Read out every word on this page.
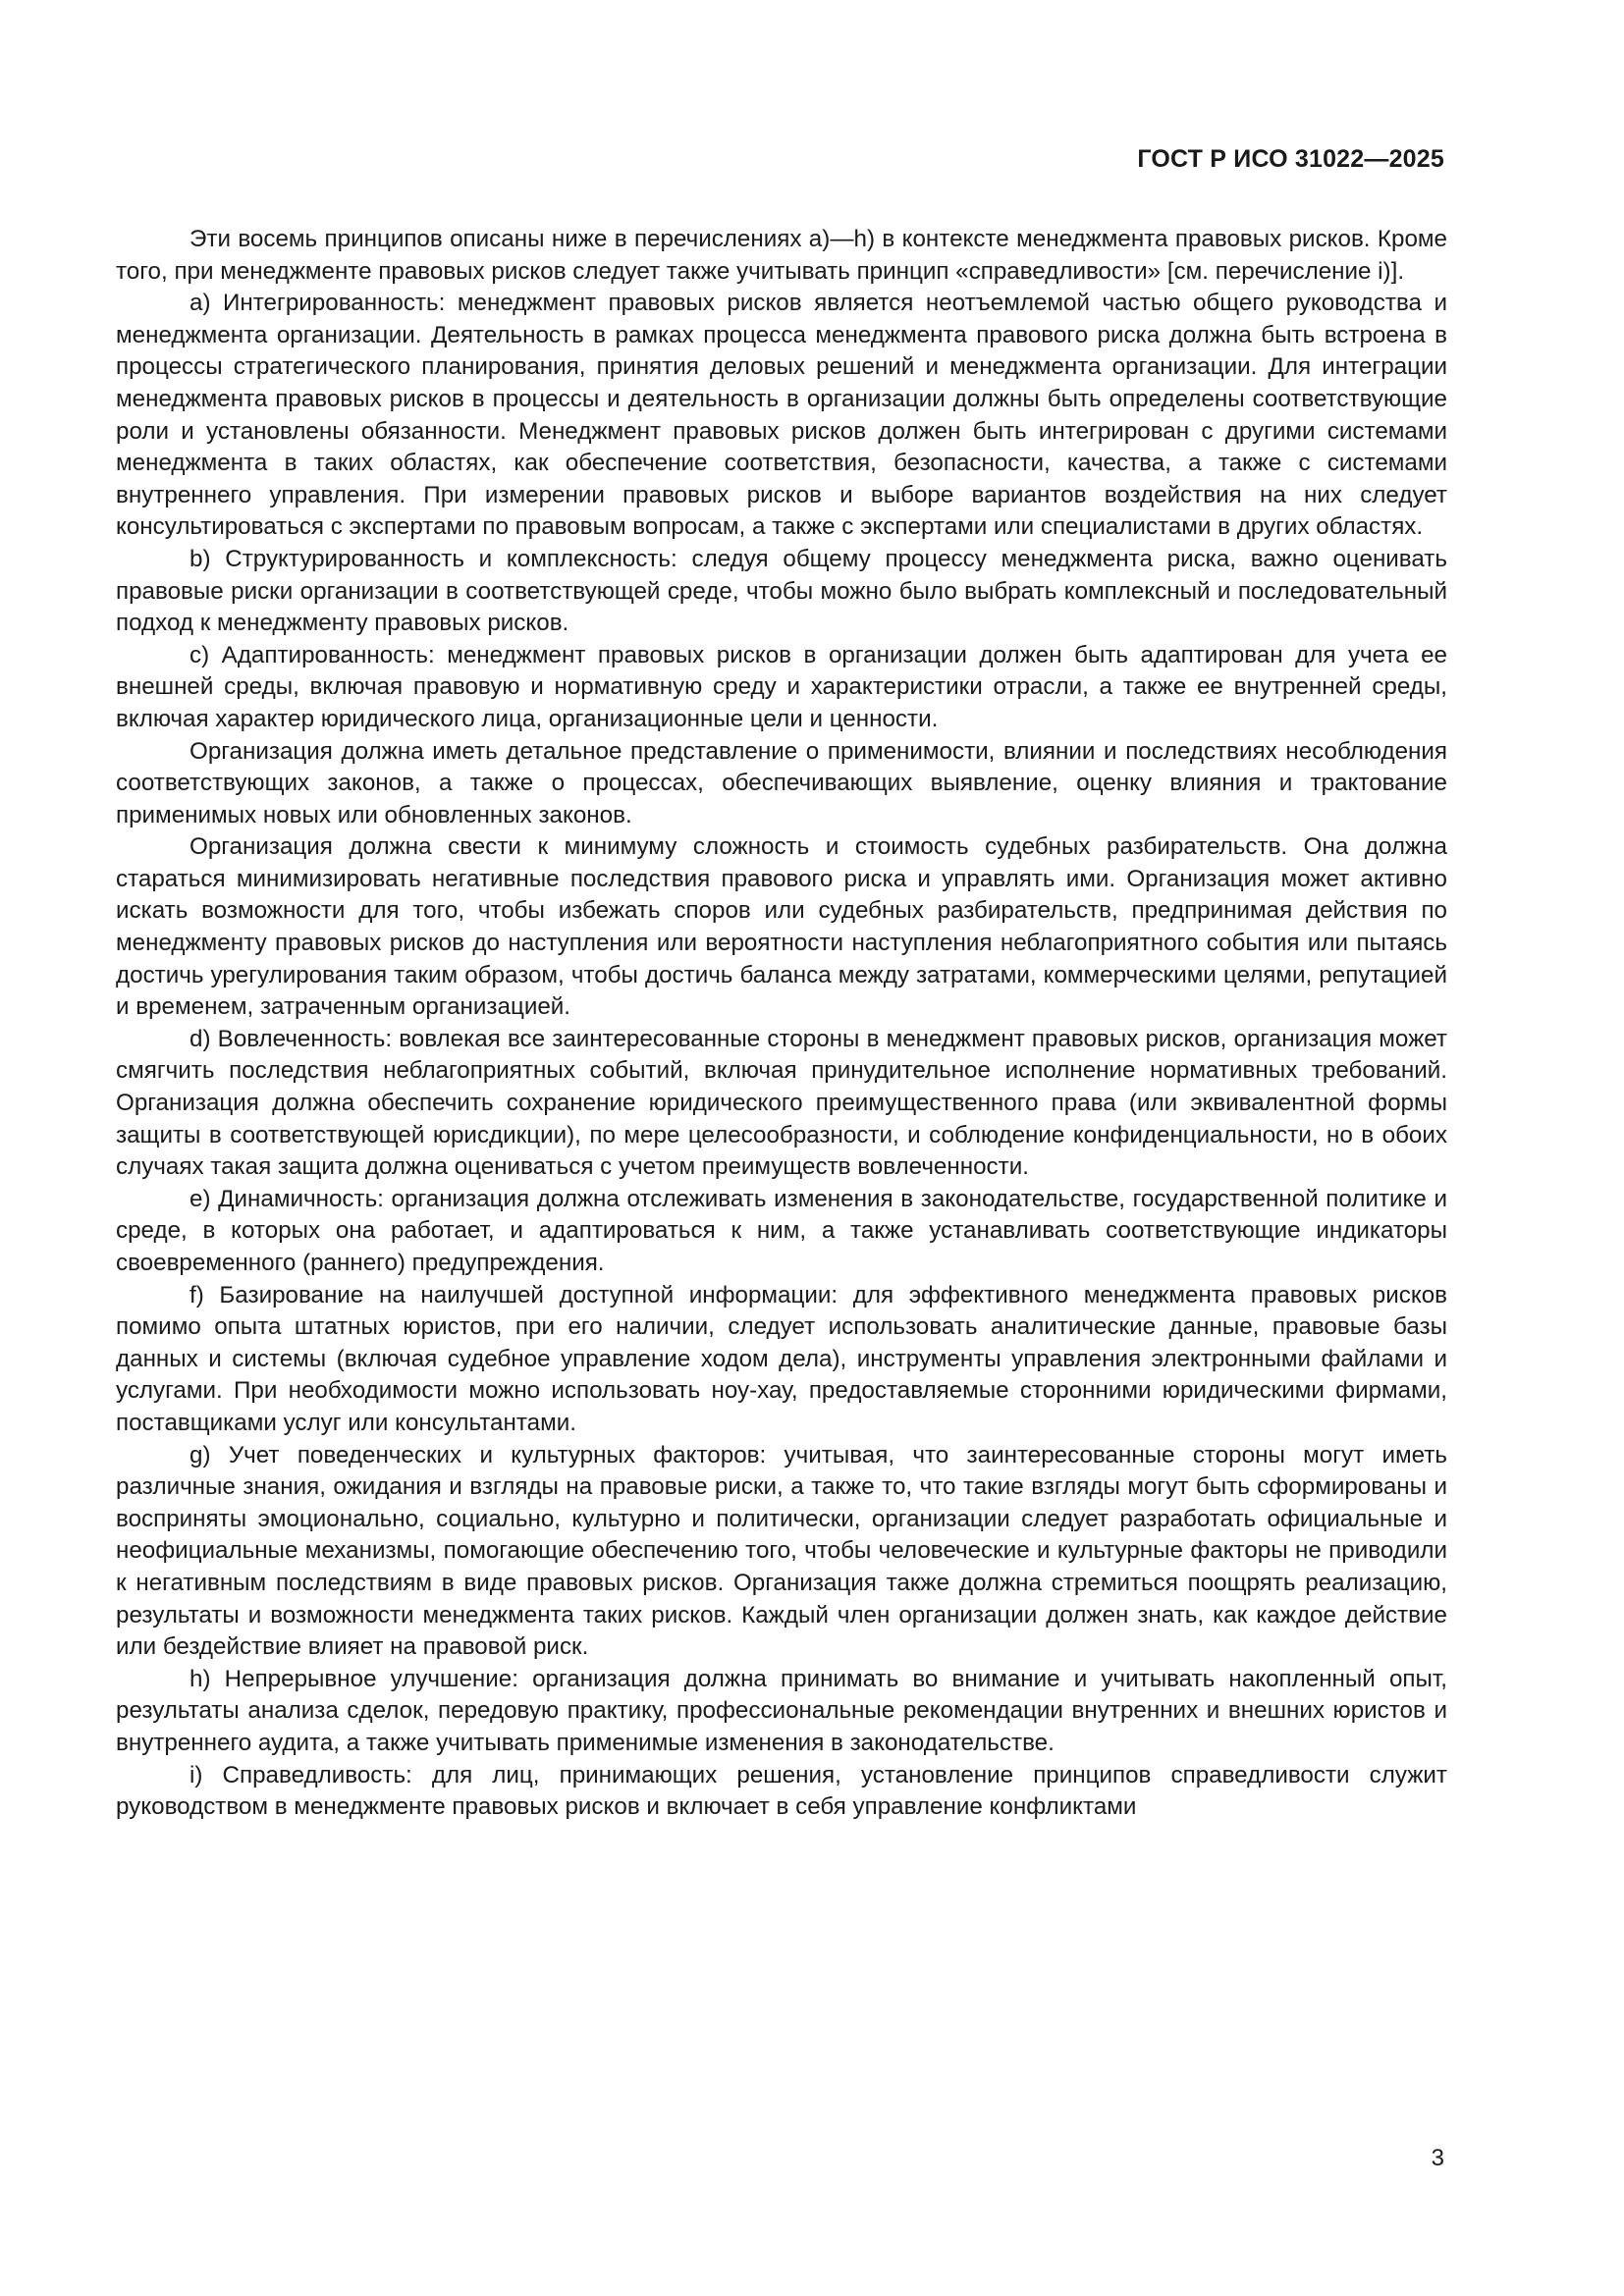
ГОСТ Р ИСО 31022—2025

Эти восемь принципов описаны ниже в перечислениях a)—h) в контексте менеджмента правовых рисков. Кроме того, при менеджменте правовых рисков следует также учитывать принцип «справедливости» [см. перечисление i)].

a) Интегрированность: менеджмент правовых рисков является неотъемлемой частью общего руководства и менеджмента организации. Деятельность в рамках процесса менеджмента правового риска должна быть встроена в процессы стратегического планирования, принятия деловых решений и менеджмента организации. Для интеграции менеджмента правовых рисков в процессы и деятельность в организации должны быть определены соответствующие роли и установлены обязанности. Менеджмент правовых рисков должен быть интегрирован с другими системами менеджмента в таких областях, как обеспечение соответствия, безопасности, качества, а также с системами внутреннего управления. При измерении правовых рисков и выборе вариантов воздействия на них следует консультироваться с экспертами по правовым вопросам, а также с экспертами или специалистами в других областях.

b) Структурированность и комплексность: следуя общему процессу менеджмента риска, важно оценивать правовые риски организации в соответствующей среде, чтобы можно было выбрать комплексный и последовательный подход к менеджменту правовых рисков.

c) Адаптированность: менеджмент правовых рисков в организации должен быть адаптирован для учета ее внешней среды, включая правовую и нормативную среду и характеристики отрасли, а также ее внутренней среды, включая характер юридического лица, организационные цели и ценности.

Организация должна иметь детальное представление о применимости, влиянии и последствиях несоблюдения соответствующих законов, а также о процессах, обеспечивающих выявление, оценку влияния и трактование применимых новых или обновленных законов.

Организация должна свести к минимуму сложность и стоимость судебных разбирательств. Она должна стараться минимизировать негативные последствия правового риска и управлять ими. Организация может активно искать возможности для того, чтобы избежать споров или судебных разбирательств, предпринимая действия по менеджменту правовых рисков до наступления или вероятности наступления неблагоприятного события или пытаясь достичь урегулирования таким образом, чтобы достичь баланса между затратами, коммерческими целями, репутацией и временем, затраченным организацией.

d) Вовлеченность: вовлекая все заинтересованные стороны в менеджмент правовых рисков, организация может смягчить последствия неблагоприятных событий, включая принудительное исполнение нормативных требований. Организация должна обеспечить сохранение юридического преимущественного права (или эквивалентной формы защиты в соответствующей юрисдикции), по мере целесообразности, и соблюдение конфиденциальности, но в обоих случаях такая защита должна оцениваться с учетом преимуществ вовлеченности.

e) Динамичность: организация должна отслеживать изменения в законодательстве, государственной политике и среде, в которых она работает, и адаптироваться к ним, а также устанавливать соответствующие индикаторы своевременного (раннего) предупреждения.

f) Базирование на наилучшей доступной информации: для эффективного менеджмента правовых рисков помимо опыта штатных юристов, при его наличии, следует использовать аналитические данные, правовые базы данных и системы (включая судебное управление ходом дела), инструменты управления электронными файлами и услугами. При необходимости можно использовать ноу-хау, предоставляемые сторонними юридическими фирмами, поставщиками услуг или консультантами.

g) Учет поведенческих и культурных факторов: учитывая, что заинтересованные стороны могут иметь различные знания, ожидания и взгляды на правовые риски, а также то, что такие взгляды могут быть сформированы и восприняты эмоционально, социально, культурно и политически, организации следует разработать официальные и неофициальные механизмы, помогающие обеспечению того, чтобы человеческие и культурные факторы не приводили к негативным последствиям в виде правовых рисков. Организация также должна стремиться поощрять реализацию, результаты и возможности менеджмента таких рисков. Каждый член организации должен знать, как каждое действие или бездействие влияет на правовой риск.

h) Непрерывное улучшение: организация должна принимать во внимание и учитывать накопленный опыт, результаты анализа сделок, передовую практику, профессиональные рекомендации внутренних и внешних юристов и внутреннего аудита, а также учитывать применимые изменения в законодательстве.

i) Справедливость: для лиц, принимающих решения, установление принципов справедливости служит руководством в менеджменте правовых рисков и включает в себя управление конфликтами

3
